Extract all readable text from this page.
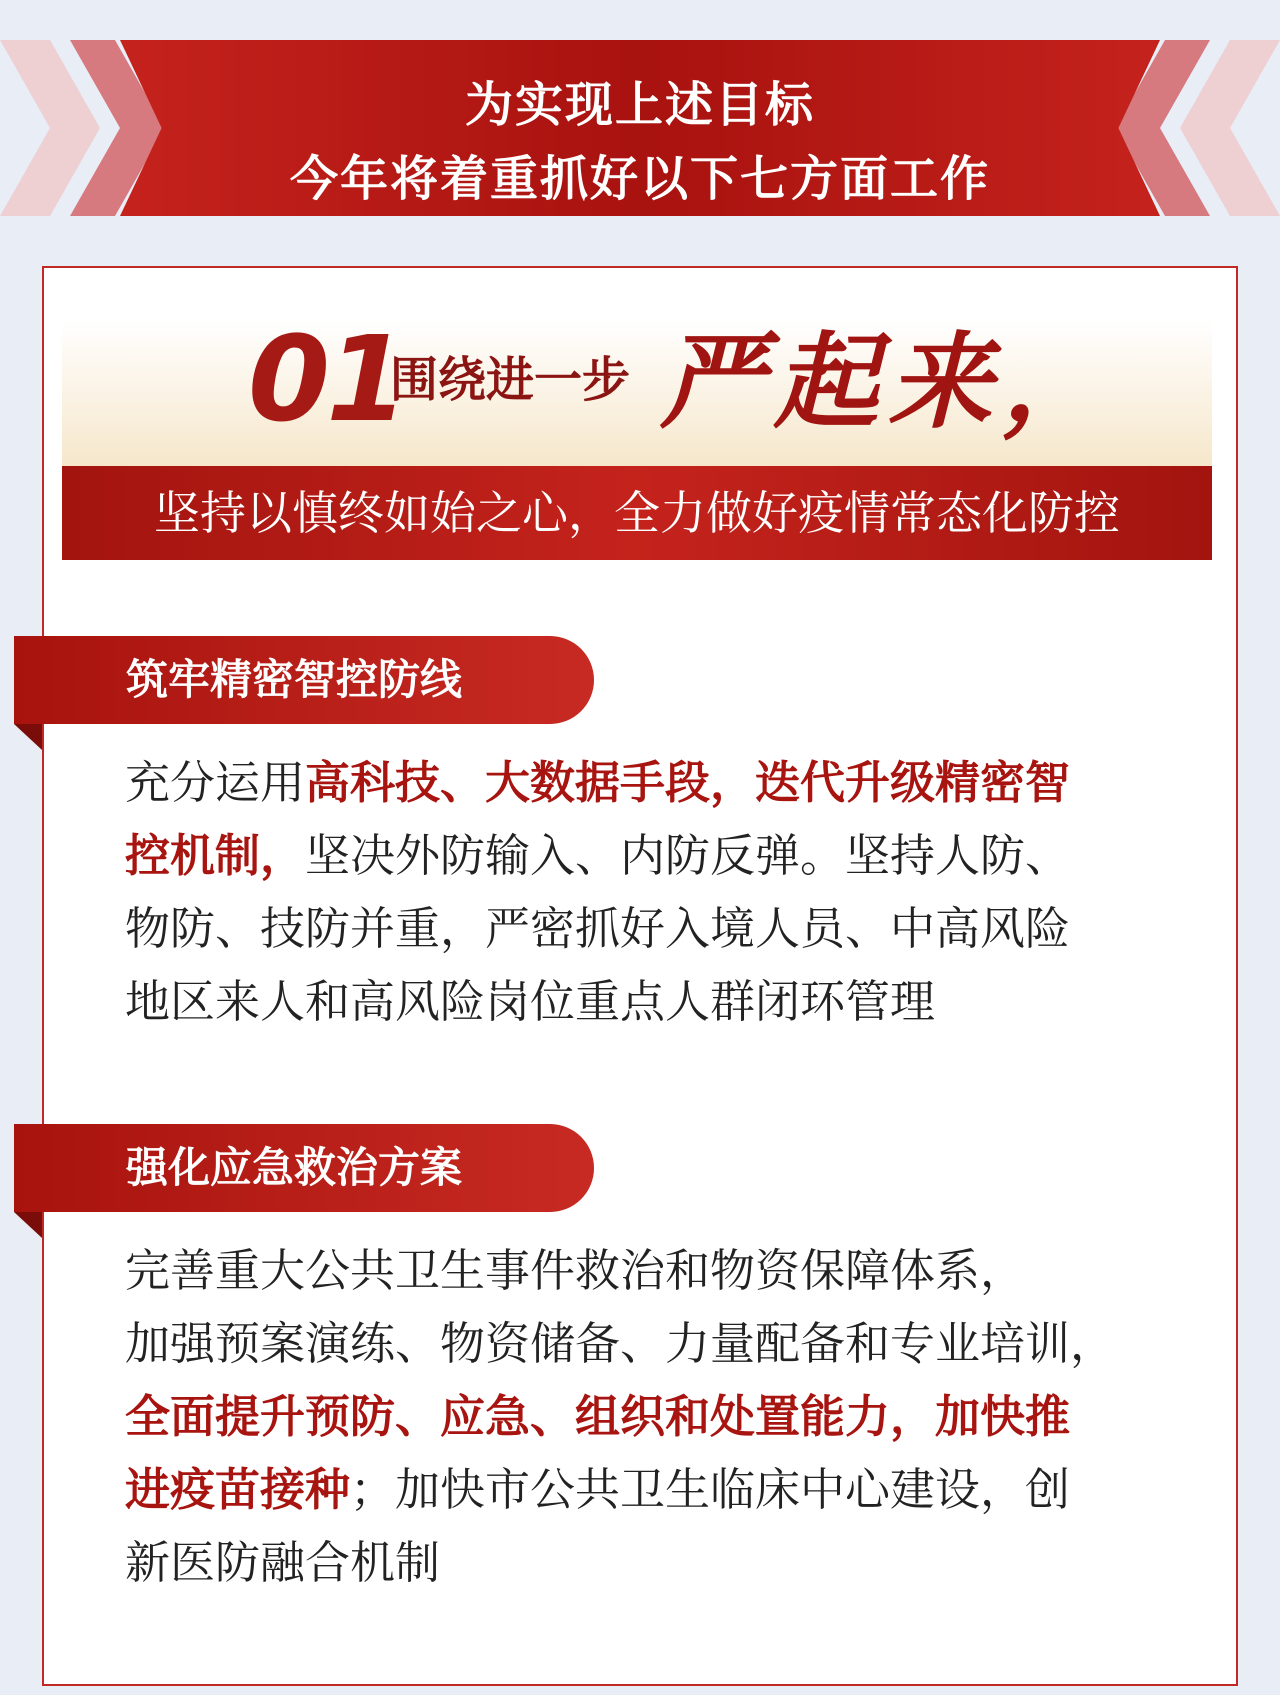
为实现上述目标
今年将着重抓好以下七方面工作
01
围绕进一步 严起来，
坚持以慎终如始之心，全力做好疫情常态化防控
筑牢精密智控防线
充分运用高科技、大数据手段，迭代升级精密智
控机制，坚决外防输入、内防反弹。坚持人防、
物防、技防并重，严密抓好入境人员、中高风险
地区来人和高风险岗位重点人群闭环管理
强化应急救治方案
完善重大公共卫生事件救治和物资保障体系，
加强预案演练、物资储备、力量配备和专业培训，
全面提升预防、应急、组织和处置能力，加快推
进疫苗接种；加快市公共卫生临床中心建设，创
新医防融合机制
